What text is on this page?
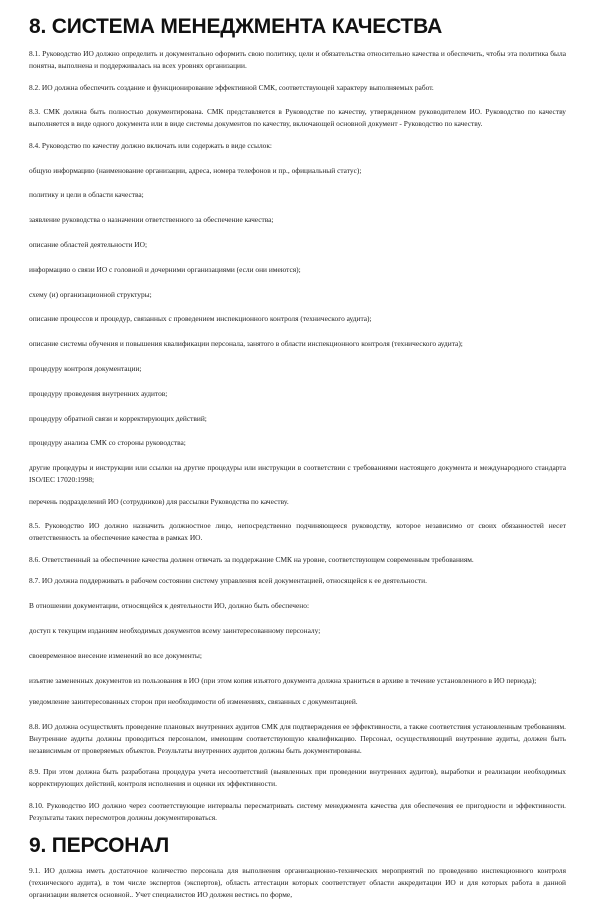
8. СИСТЕМА МЕНЕДЖМЕНТА КАЧЕСТВА

8.1. Руководство ИО должно определить и документально оформить свою политику, цели и обязательства относительно качества и обеспечить, чтобы эта политика была понятна, выполнена и поддерживалась на всех уровнях организации.

8.2. ИО должна обеспечить создание и функционирование эффективной СМК, соответствующей характеру выполняемых работ.

8.3. СМК должна быть полностью документирована. СМК представляется в Руководстве по качеству, утвержденном руководителем ИО. Руководство по качеству выполняется в виде одного документа или в виде системы документов по качеству, включающей основной документ - Руководство по качеству.

8.4. Руководство по качеству должно включать или содержать в виде ссылок:

общую информацию (наименование организации, адреса, номера телефонов и пр., официальный статус);

политику и цели в области качества;

заявление руководства о назначении ответственного за обеспечение качества;

описание областей деятельности ИО;

информацию о связи ИО с головной и дочерними организациями (если они имеются);

схему (и) организационной структуры;

описание процессов и процедур, связанных с проведением инспекционного контроля (технического аудита);

описание системы обучения и повышения квалификации персонала, занятого в области инспекционного контроля (технического аудита);

процедуру контроля документации;

процедуру проведения внутренних аудитов;

процедуру обратной связи и корректирующих действий;

процедуру анализа СМК со стороны руководства;

другие процедуры и инструкции или ссылки на другие процедуры или инструкции в соответствии с требованиями настоящего документа и международного стандарта ISO/IEC 17020:1998;

перечень подразделений ИО (сотрудников) для рассылки Руководства по качеству.

8.5. Руководство ИО должно назначить должностное лицо, непосредственно подчиняющееся руководству, которое независимо от своих обязанностей несет ответственность за обеспечение качества в рамках ИО.

8.6. Ответственный за обеспечение качества должен отвечать за поддержание СМК на уровне, соответствующем современным требованиям.

8.7. ИО должна поддерживать в рабочем состоянии систему управления всей документацией, относящейся к ее деятельности.

В отношении документации, относящейся к деятельности ИО, должно быть обеспечено:

доступ к текущим изданиям необходимых документов всему заинтересованному персоналу;

своевременное внесение изменений во все документы;

изъятие замененных документов из пользования в ИО (при этом копия изъятого документа должна храниться в архиве в течение установленного в ИО периода);

уведомление заинтересованных сторон при необходимости об изменениях, связанных с документацией.

8.8. ИО должна осуществлять проведение плановых внутренних аудитов СМК для подтверждения ее эффективности, а также соответствия установленным требованиям. Внутренние аудиты должны проводиться персоналом, имеющим соответствующую квалификацию. Персонал, осуществляющий внутренние аудиты, должен быть независимым от проверяемых объектов. Результаты внутренних аудитов должны быть документированы.

8.9. При этом должна быть разработана процедура учета несоответствий (выявленных при проведении внутренних аудитов), выработки и реализации необходимых корректирующих действий, контроля исполнения и оценки их эффективности.

8.10. Руководство ИО должно через соответствующие интервалы пересматривать систему менеджмента качества для обеспечения ее пригодности и эффективности. Результаты таких пересмотров должны документироваться.

9. ПЕРСОНАЛ

9.1. ИО должна иметь достаточное количество персонала для выполнения организационно-технических мероприятий по проведению инспекционного контроля (технического аудита), в том числе экспертов (экспертов), область аттестации которых соответствует области аккредитации ИО и для которых работа в данной организации является основной.. Учет специалистов ИО должен вестись по форме,
